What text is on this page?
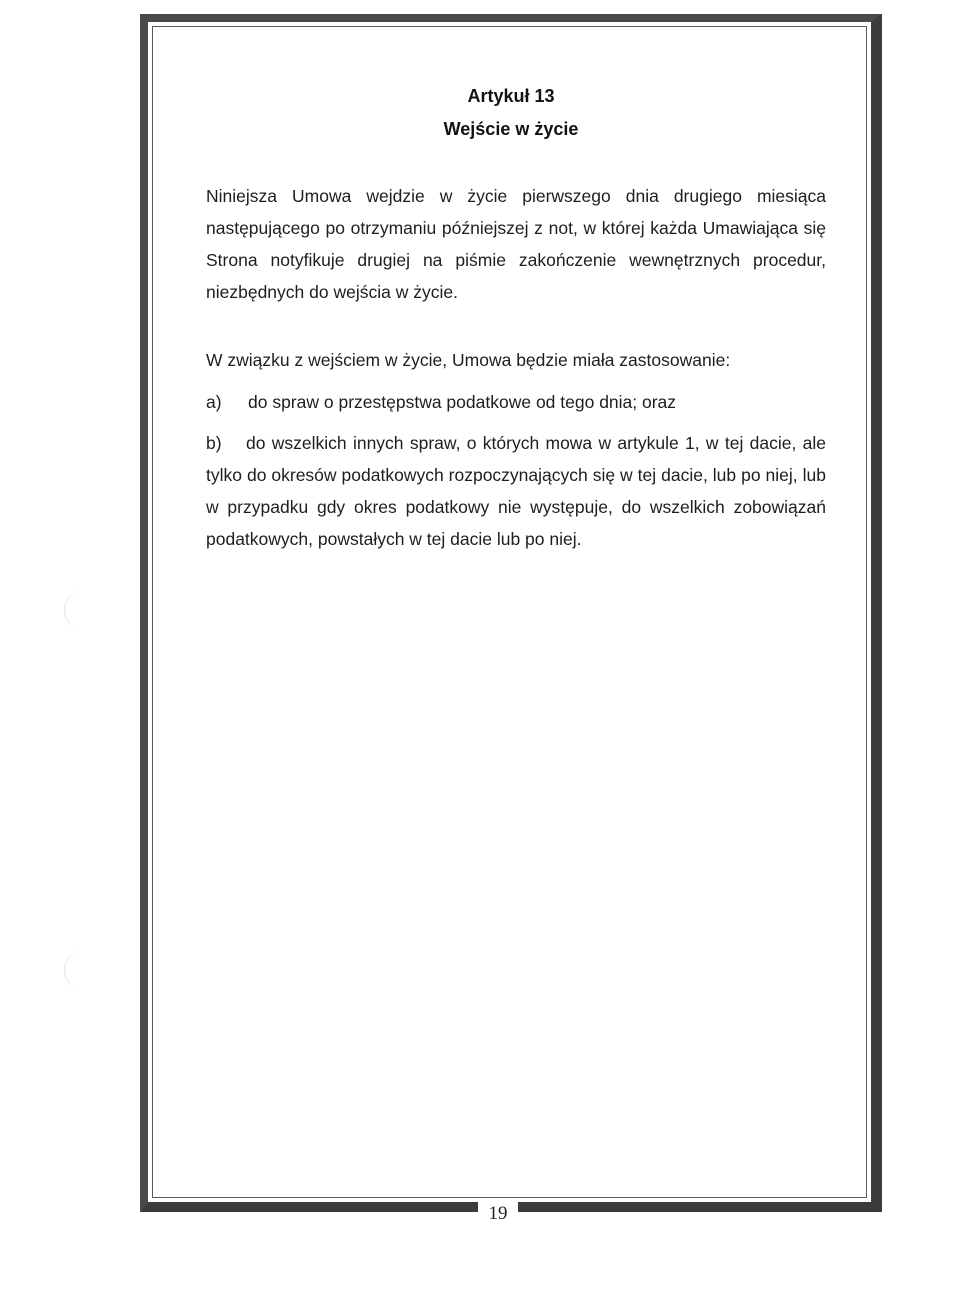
Artykuł 13
Wejście w życie

Niniejsza Umowa wejdzie w życie pierwszego dnia drugiego miesiąca następującego po otrzymaniu późniejszej z not, w której każda Umawiająca się Strona notyfikuje drugiej na piśmie zakończenie wewnętrznych procedur, niezbędnych do wejścia w życie.

W związku z wejściem w życie, Umowa będzie miała zastosowanie:

a) do spraw o przestępstwa podatkowe od tego dnia; oraz
b) do wszelkich innych spraw, o których mowa w artykule 1, w tej dacie, ale tylko do okresów podatkowych rozpoczynających się w tej dacie, lub po niej, lub w przypadku gdy okres podatkowy nie występuje, do wszelkich zobowiązań podatkowych, powstałych w tej dacie lub po niej.
19
